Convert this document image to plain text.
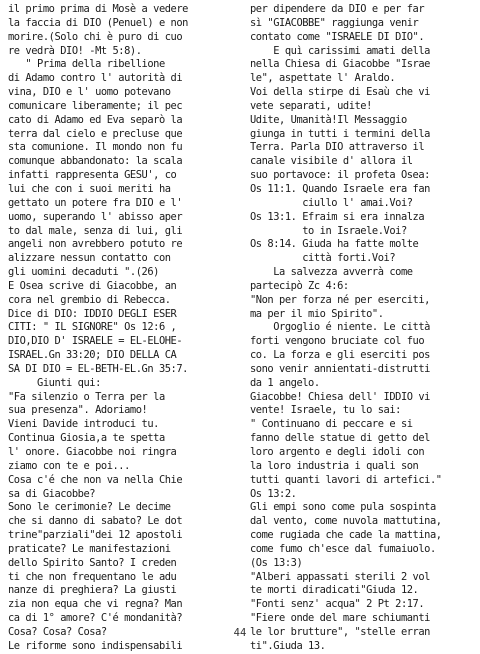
il primo prima di Mosè a vedere
la faccia di DIO (Penuel) e non
morire.(Solo chi è puro di cuo
re vedrà DIO! -Mt 5:8).
" Prima della ribellione
di Adamo contro l' autorità di
vina, DIO e l' uomo potevano
comunicare liberamente; il pec
cato di Adamo ed Eva separò la
terra dal cielo e precluse que
sta comunione. Il mondo non fu
comunque abbandonato: la scala
infatti rappresenta GESU', co
lui che con i suoi meriti ha
gettato un potere fra DIO e l'
uomo, superando l' abisso aper
to dal male, senza di lui, gli
angeli non avrebbero potuto re
alizzare nessun contatto con
gli uomini decaduti ".(26)
E Osea scrive di Giacobbe, an
cora nel grembio di Rebecca.
Dice di DIO: IDDIO DEGLI ESER
CITI: " IL SIGNORE" Os 12:6 ,
DIO,DIO D' ISRAELE = EL-ELOHE-
ISRAEL.Gn 33:20; DIO DELLA CA
SA DI DIO = EL-BETH-EL.Gn 35:7.
Giunti qui:
"Fa silenzio o Terra per la
sua presenza". Adoriamo!
Vieni Davide introduci tu.
Continua Giosia,a te spetta
l' onore. Giacobbe noi ringra
ziamo con te e poi...
Cosa c'é che non va nella Chie
sa di Giacobbe?
Sono le cerimonie? Le decime
che si danno di sabato? Le dot
trine"parziali"dei 12 apostoli
praticate? Le manifestazioni
dello Spirito Santo? I creden
ti che non frequentano le adu
nanze di preghiera? La giusti
zia non equa che vi regna? Man
ca di 1° amore? C'é mondanità?
Cosa? Cosa? Cosa?
Le riforme sono indispensabili
per dipendere da DIO e per far
sì "GIACOBBE" raggiunga venir
contato come "ISRAELE DI DIO".
E quì carissimi amati della
nella Chiesa di Giacobbe "Israe
le", aspettate l' Araldo.
Voi della stirpe di Esaù che vi
vete separati, udite!
Udite, Umanità!Il Messaggio
giunga in tutti i termini della
Terra. Parla DIO attraverso il
canale visibile d' allora il
suo portavoce: il profeta Osea:
Os 11:1. Quando Israele era fan
ciullo l' amai.Voi?
Os 13:1. Efraim si era innalza
to in Israele.Voi?
Os 8:14. Giuda ha fatte molte
città forti.Voi?
La salvezza avverrà come
partecipò Zc 4:6:
"Non per forza né per eserciti,
ma per il mio Spirito".
Orgoglio é niente. Le città
forti vengono bruciate col fuo
co. La forza e gli eserciti pos
sono venir annientati-distrutti
da 1 angelo.
Giacobbe! Chiesa dell' IDDIO vi
vente! Israele, tu lo sai:
" Continuano di peccare e si
fanno delle statue di getto del
loro argento e degli idoli con
la loro industria i quali son
tutti quanti lavori di artefici."
Os 13:2.
Gli empi sono come pula sospinta
dal vento, come nuvola mattutina,
come rugiada che cade la mattina,
come fumo ch'esce dal fumaiuolo.
(Os 13:3)
"Alberi appassati sterili 2 vol
te morti diradicati"Giuda 12.
"Fonti senz' acqua" 2 Pt 2:17.
"Fiere onde del mare schiumanti
le lor brutture", "stelle erran
ti".Giuda 13.
44
